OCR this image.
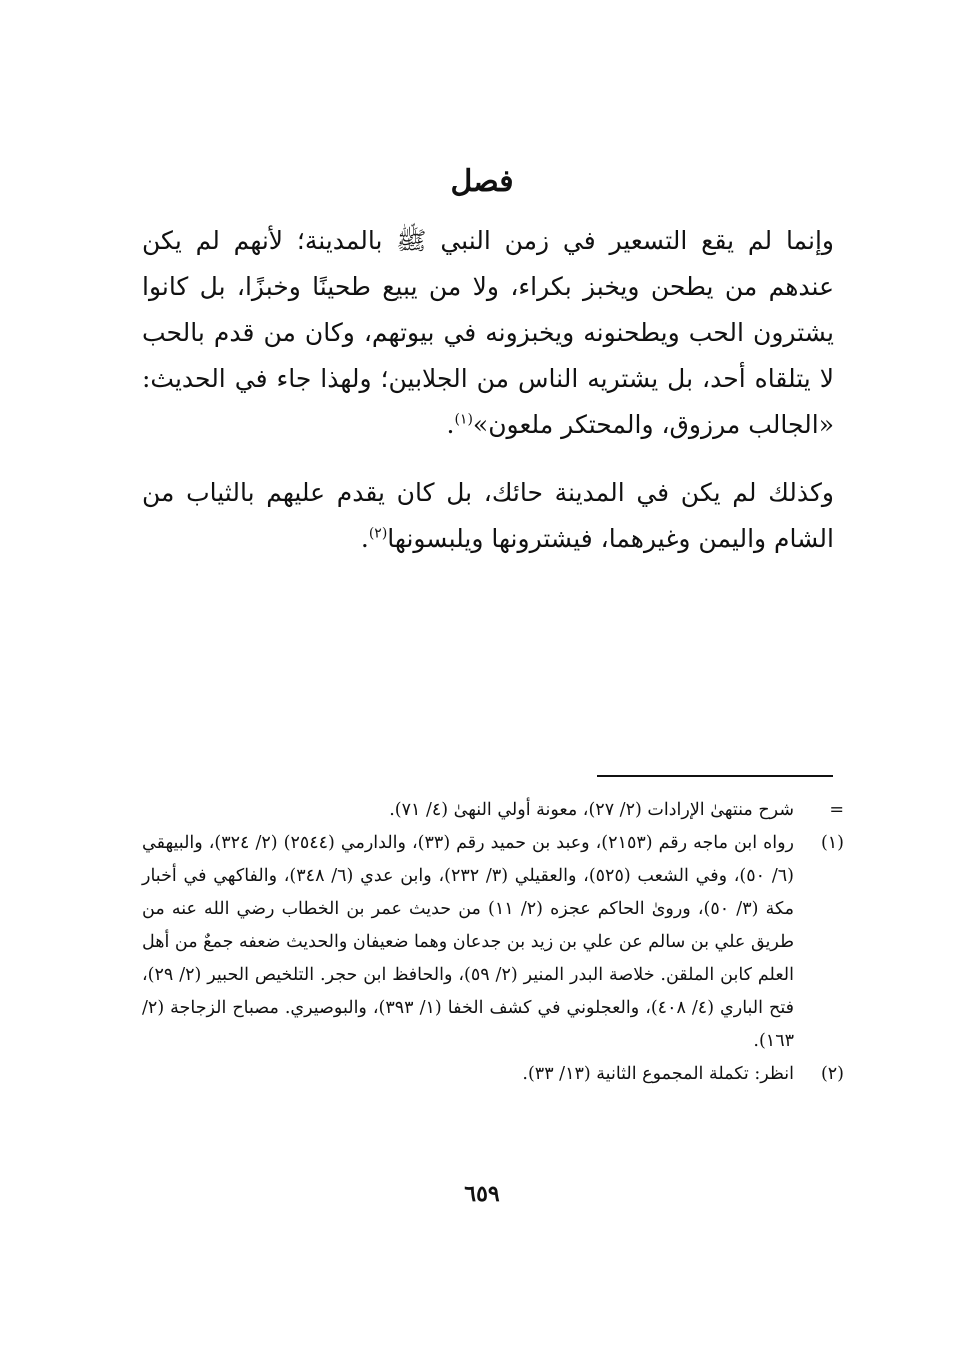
فصل
وإنما لم يقع التسعير في زمن النبي ﷺ بالمدينة؛ لأنهم لم يكن عندهم من يطحن ويخبز بكراء، ولا من يبيع طحينًا وخبزًا، بل كانوا يشترون الحب ويطحنونه ويخبزونه في بيوتهم، وكان من قدم بالحب لا يتلقاه أحد، بل يشتريه الناس من الجلابين؛ ولهذا جاء في الحديث: «الجالب مرزوق، والمحتكر ملعون»$^{(١)}$.
وكذلك لم يكن في المدينة حائك، بل كان يقدم عليهم بالثياب من الشام واليمن وغيرهما، فيشترونها ويلبسونها$^{(٢)}$.
=
شرح منتهىٰ الإرادات (٢/ ٢٧)، معونة أولي النهىٰ (٤/ ٧١).
(١)
رواه ابن ماجه رقم (٢١٥٣)، وعبد بن حميد رقم (٣٣)، والدارمي (٢٥٤٤) (٢/ ٣٢٤)، والبيهقي (٦/ ٥٠)، وفي الشعب (٥٢٥)، والعقيلي (٣/ ٢٣٢)، وابن عدي (٦/ ٣٤٨)، والفاكهي في أخبار مكة (٣/ ٥٠)، وروىٰ الحاكم عجزه (٢/ ١١) من حديث عمر بن الخطاب رضي الله عنه من طريق علي بن سالم عن علي بن زيد بن جدعان وهما ضعيفان والحديث ضعفه جمعٌ من أهل العلم كابن الملقن. خلاصة البدر المنير (٢/ ٥٩)، والحافظ ابن حجر. التلخيص الحبير (٢/ ٢٩)، فتح الباري (٤/ ٤٠٨)، والعجلوني في كشف الخفا (١/ ٣٩٣)، والبوصيري. مصباح الزجاجة (٢/ ١٦٣).
(٢)
انظر: تكملة المجموع الثانية (١٣/ ٣٣).
٦٥٩
